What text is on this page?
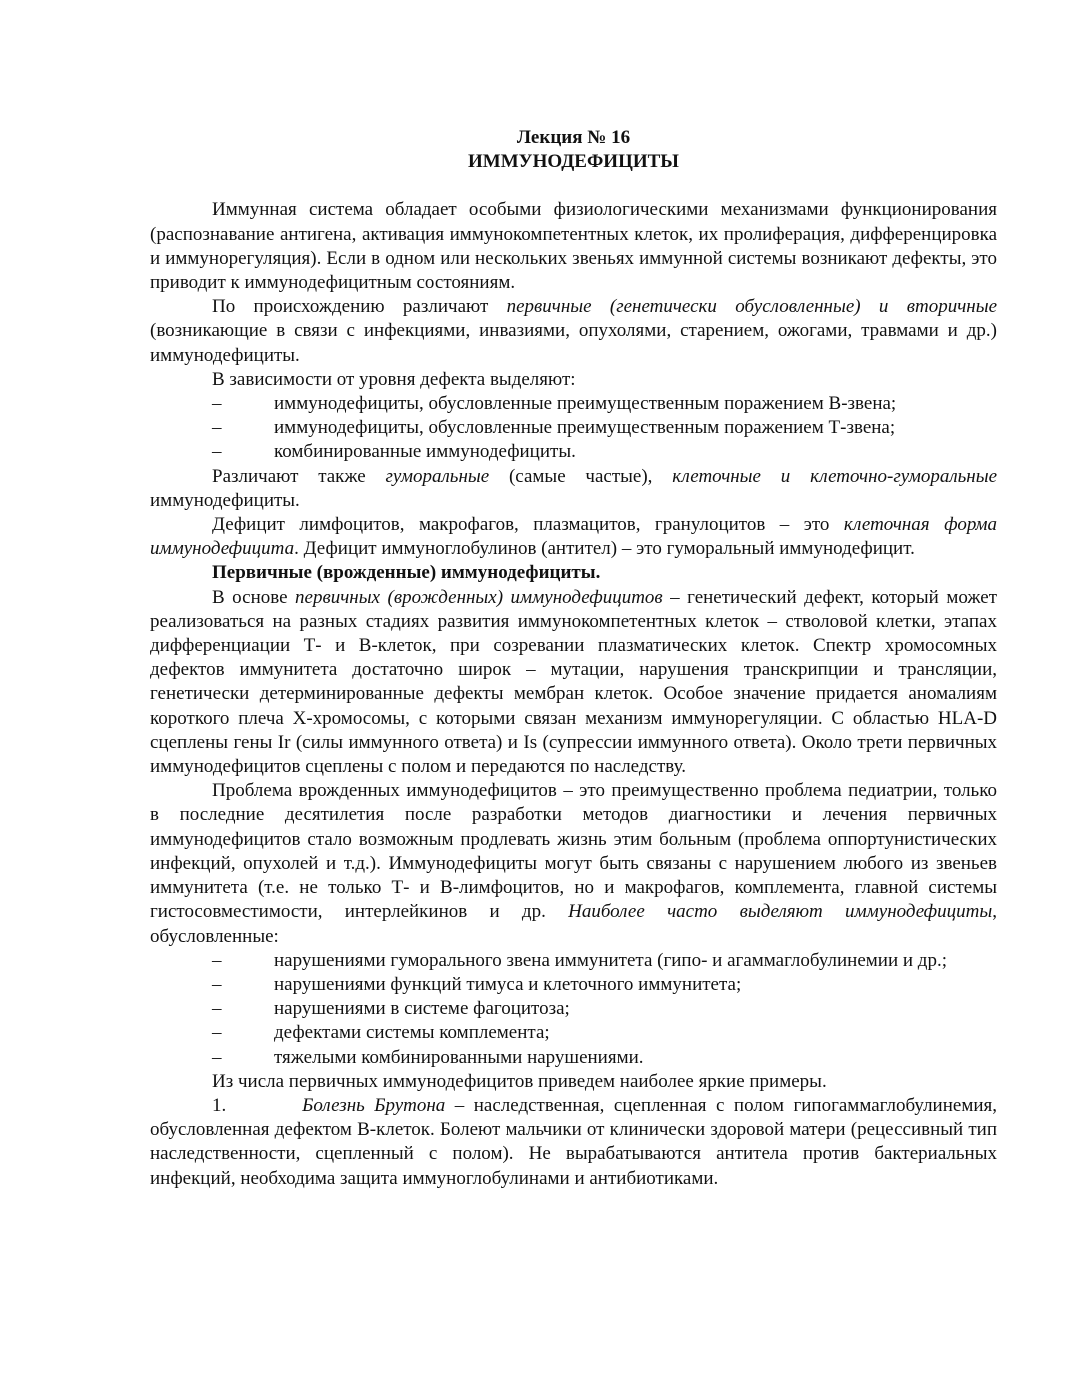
Лекция № 16

ИММУНОДЕФИЦИТЫ

Иммунная система обладает особыми физиологическими механизмами функционирования (распознавание антигена, активация иммунокомпетентных клеток, их пролиферация, дифференцировка и иммунорегуляция). Если в одном или нескольких звеньях иммунной системы возникают дефекты, это приводит к иммунодефицитным состояниям.

По происхождению различают первичные (генетически обусловленные) и вторичные (возникающие в связи с инфекциями, инвазиями, опухолями, старением, ожогами, травмами и др.) иммунодефициты.

В зависимости от уровня дефекта выделяют:

–	иммунодефициты, обусловленные преимущественным поражением В-звена;
–	иммунодефициты, обусловленные преимущественным поражением Т-звена;
–	комбинированные иммунодефициты.

Различают также гуморальные (самые частые), клеточные и клеточно-гуморальные иммунодефициты.

Дефицит лимфоцитов, макрофагов, плазмацитов, гранулоцитов – это клеточная форма иммунодефицита. Дефицит иммуноглобулинов (антител) – это гуморальный иммунодефицит.

Первичные (врожденные) иммунодефициты.

В основе первичных (врожденных) иммунодефицитов – генетический дефект, который может реализоваться на разных стадиях развития иммунокомпетентных клеток – стволовой клетки, этапах дифференциации Т- и В-клеток, при созревании плазматических клеток. Спектр хромосомных дефектов иммунитета достаточно широк – мутации, нарушения транскрипции и трансляции, генетически детерминированные дефекты мембран клеток. Особое значение придается аномалиям короткого плеча Х-хромосомы, с которыми связан механизм иммунорегуляции. С областью HLA-D сцеплены гены Ir (силы иммунного ответа) и Is (супрессии иммунного ответа). Около трети первичных иммунодефицитов сцеплены с полом и передаются по наследству.

Проблема врожденных иммунодефицитов – это преимущественно проблема педиатрии, только в последние десятилетия после разработки методов диагностики и лечения первичных иммунодефицитов стало возможным продлевать жизнь этим больным (проблема оппортунистических инфекций, опухолей и т.д.). Иммунодефициты могут быть связаны с нарушением любого из звеньев иммунитета (т.е. не только Т- и В-лимфоцитов, но и макрофагов, комплемента, главной системы гистосовместимости, интерлейкинов и др. Наиболее часто выделяют иммунодефициты, обусловленные:

–	нарушениями гуморального звена иммунитета (гипо- и агаммаглобулинемии и др.;
–	нарушениями функций тимуса и клеточного иммунитета;
–	нарушениями в системе фагоцитоза;
–	дефектами системы комплемента;
–	тяжелыми комбинированными нарушениями.

Из числа первичных иммунодефицитов приведем наиболее яркие примеры.

1.	Болезнь Брутона – наследственная, сцепленная с полом гипогаммаглобулинемия, обусловленная дефектом В-клеток. Болеют мальчики от клинически здоровой матери (рецессивный тип наследственности, сцепленный с полом). Не вырабатываются антитела против бактериальных инфекций, необходима защита иммуноглобулинами и антибиотиками.
